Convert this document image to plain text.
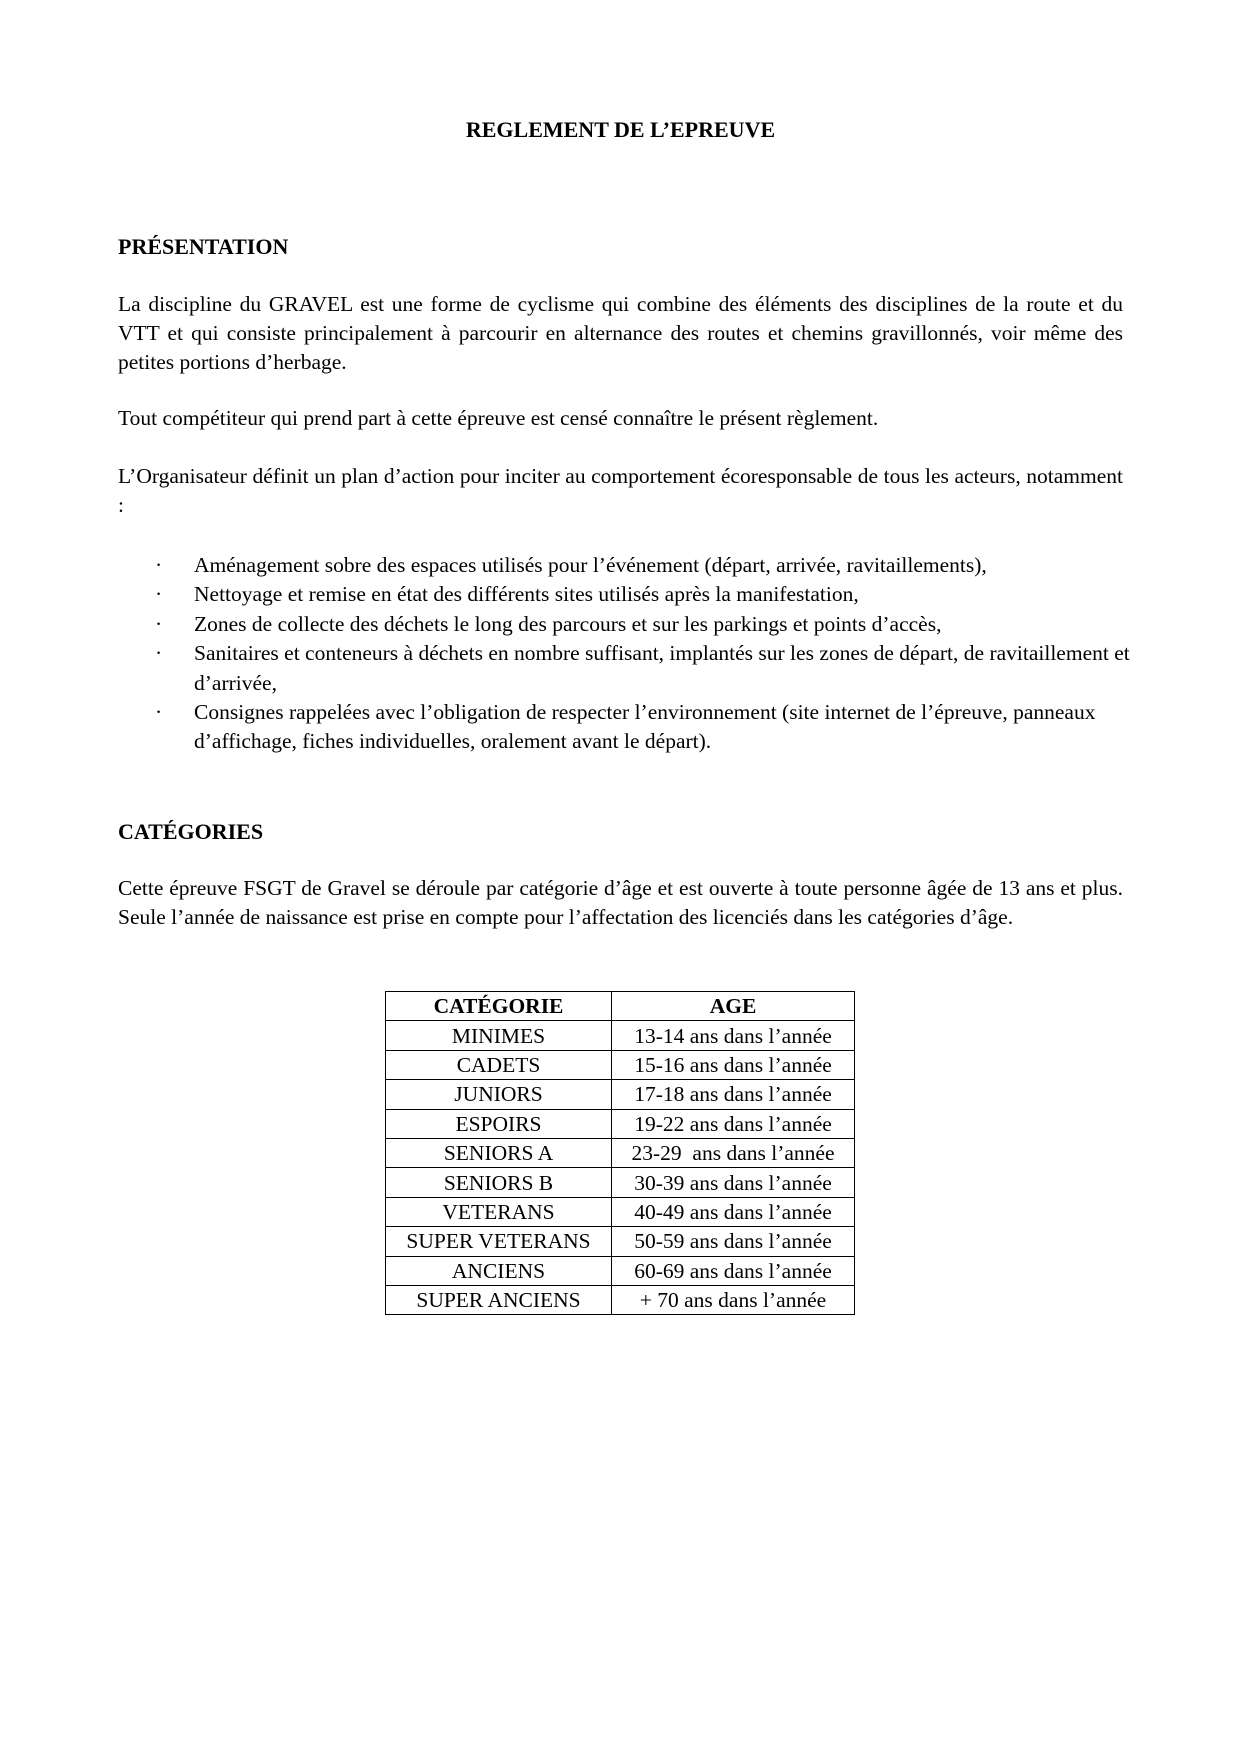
REGLEMENT DE L’EPREUVE
PRÉSENTATION

La discipline du GRAVEL est une forme de cyclisme qui combine des éléments des disciplines de la route et du VTT et qui consiste principalement à parcourir en alternance des routes et chemins gravillonnés, voir même des petites portions d’herbage.

Tout compétiteur qui prend part à cette épreuve est censé connaître le présent règlement.

L’Organisateur définit un plan d’action pour inciter au comportement écoresponsable de tous les acteurs, notamment :

· Aménagement sobre des espaces utilisés pour l’événement (départ, arrivée, ravitaillements),
· Nettoyage et remise en état des différents sites utilisés après la manifestation,
· Zones de collecte des déchets le long des parcours et sur les parkings et points d’accès,
· Sanitaires et conteneurs à déchets en nombre suffisant, implantés sur les zones de départ, de ravitaillement et d’arrivée,
· Consignes rappelées avec l’obligation de respecter l’environnement (site internet de l’épreuve, panneaux d’affichage, fiches individuelles, oralement avant le départ).
CATÉGORIES

Cette épreuve FSGT de Gravel se déroule par catégorie d’âge et est ouverte à toute personne âgée de 13 ans et plus. Seule l’année de naissance est prise en compte pour l’affectation des licenciés dans les catégories d’âge.

CATÉGORIE	AGE
MINIMES	13-14 ans dans l’année
CADETS	15-16 ans dans l’année
JUNIORS	17-18 ans dans l’année
ESPOIRS	19-22 ans dans l’année
SENIORS A	23-29  ans dans l’année
SENIORS B	30-39 ans dans l’année
VETERANS	40-49 ans dans l’année
SUPER VETERANS	50-59 ans dans l’année
ANCIENS	60-69 ans dans l’année
SUPER ANCIENS	+ 70 ans dans l’année
